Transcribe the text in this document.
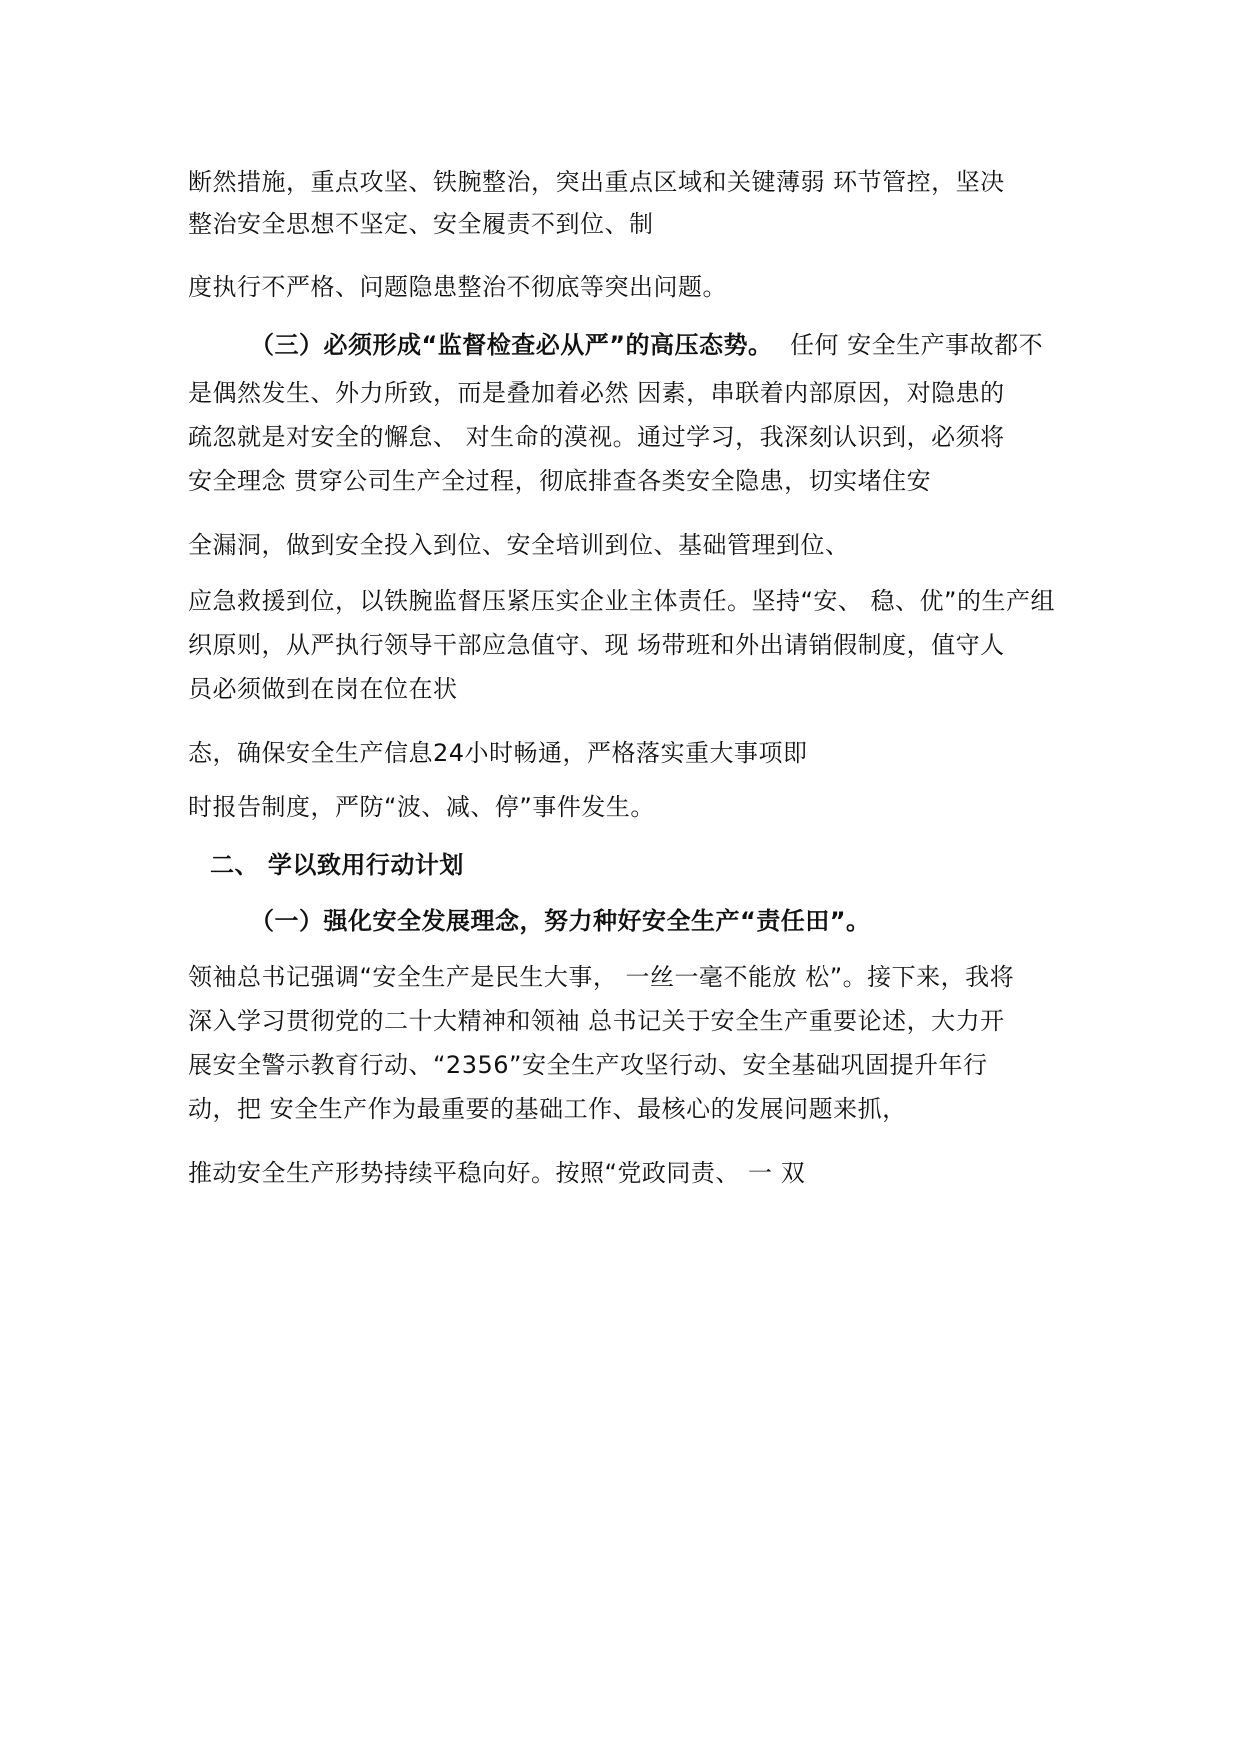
断然措施，重点攻坚、铁腕整治，突出重点区域和关键薄弱 环节管控，坚决
整治安全思想不坚定、安全履责不到位、制
度执行不严格、问题隐患整治不彻底等突出问题。
（三）必须形成“监督检查必从严”的高压态势。 任何 安全生产事故都不
是偶然发生、外力所致，而是叠加着必然 因素，串联着内部原因，对隐患的
疏忽就是对安全的懈怠、 对生命的漠视。通过学习，我深刻认识到，必须将
安全理念 贯穿公司生产全过程，彻底排查各类安全隐患，切实堵住安
全漏洞，做到安全投入到位、安全培训到位、基础管理到位、
应急救援到位，以铁腕监督压紧压实企业主体责任。坚持“安、 稳、优”的生产组
织原则，从严执行领导干部应急值守、现 场带班和外出请销假制度，值守人
员必须做到在岗在位在状
态，确保安全生产信息24小时畅通，严格落实重大事项即
时报告制度，严防“波、减、停”事件发生。
二、 学以致用行动计划
（一）强化安全发展理念，努力种好安全生产“责任田”。
领袖总书记强调“安全生产是民生大事， 一丝一毫不能放 松”。接下来，我将
深入学习贯彻党的二十大精神和领袖 总书记关于安全生产重要论述，大力开
展安全警示教育行动、“2356”安全生产攻坚行动、安全基础巩固提升年行
动，把 安全生产作为最重要的基础工作、最核心的发展问题来抓，
推动安全生产形势持续平稳向好。按照“党政同责、 一 双
